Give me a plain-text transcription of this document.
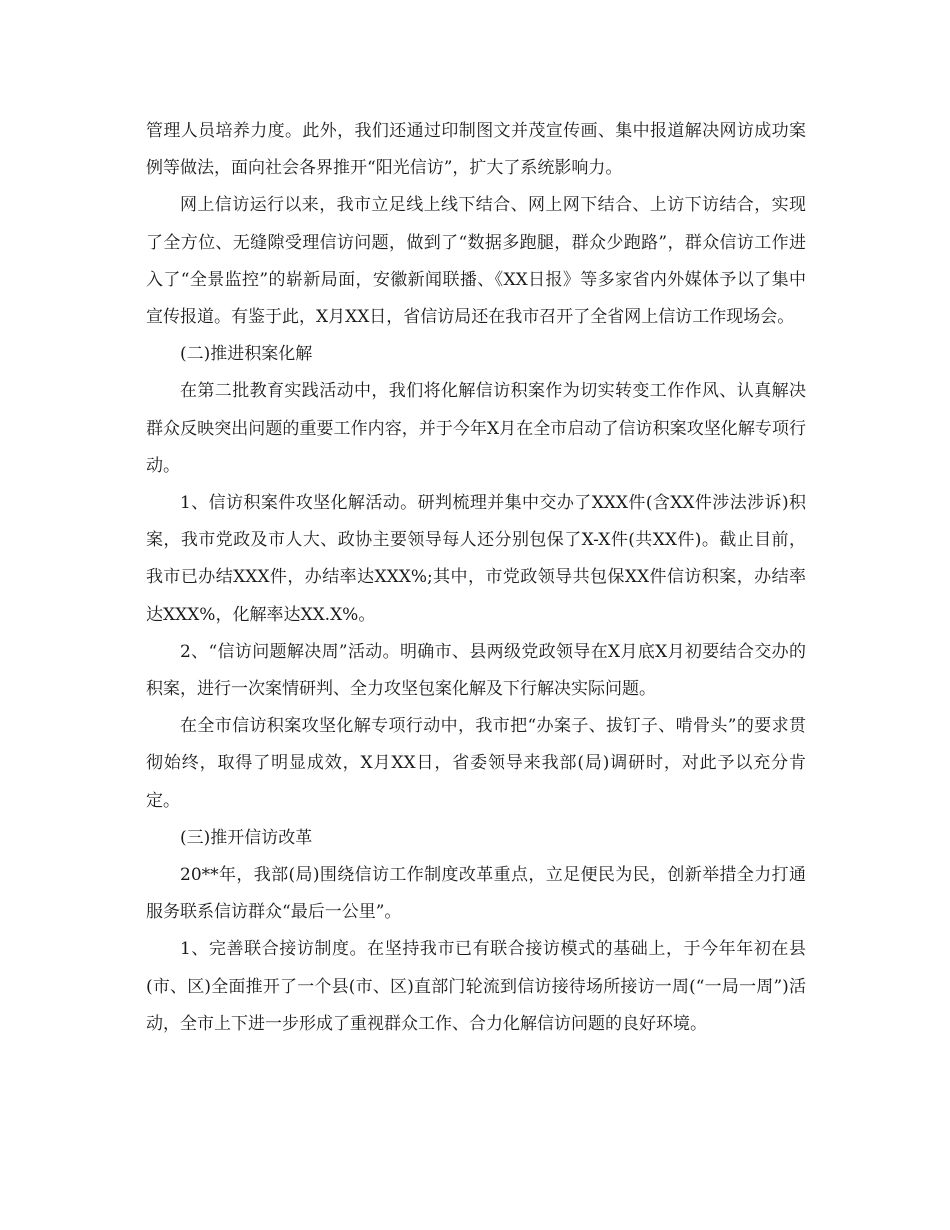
管理人员培养力度。此外，我们还通过印制图文并茂宣传画、集中报道解决网访成功案例等做法，面向社会各界推开“阳光信访”，扩大了系统影响力。

网上信访运行以来，我市立足线上线下结合、网上网下结合、上访下访结合，实现了全方位、无缝隙受理信访问题，做到了“数据多跑腿，群众少跑路”，群众信访工作进入了“全景监控”的崭新局面，安徽新闻联播、《XX日报》等多家省内外媒体予以了集中宣传报道。有鉴于此，X月XX日，省信访局还在我市召开了全省网上信访工作现场会。

(二)推进积案化解

在第二批教育实践活动中，我们将化解信访积案作为切实转变工作作风、认真解决群众反映突出问题的重要工作内容，并于今年X月在全市启动了信访积案攻坚化解专项行动。

1、信访积案件攻坚化解活动。研判梳理并集中交办了XXX件(含XX件涉法涉诉)积案，我市党政及市人大、政协主要领导每人还分别包保了X-X件(共XX件)。截止目前，我市已办结XXX件，办结率达XXX%;其中，市党政领导共包保XX件信访积案，办结率达XXX%，化解率达XX.X%。

2、“信访问题解决周”活动。明确市、县两级党政领导在X月底X月初要结合交办的积案，进行一次案情研判、全力攻坚包案化解及下行解决实际问题。

在全市信访积案攻坚化解专项行动中，我市把“办案子、拔钉子、啃骨头”的要求贯彻始终，取得了明显成效，X月XX日，省委领导来我部(局)调研时，对此予以充分肯定。

(三)推开信访改革

20**年，我部(局)围绕信访工作制度改革重点，立足便民为民，创新举措全力打通服务联系信访群众“最后一公里”。

1、完善联合接访制度。在坚持我市已有联合接访模式的基础上，于今年年初在县(市、区)全面推开了一个县(市、区)直部门轮流到信访接待场所接访一周(“一局一周”)活动，全市上下进一步形成了重视群众工作、合力化解信访问题的良好环境。
